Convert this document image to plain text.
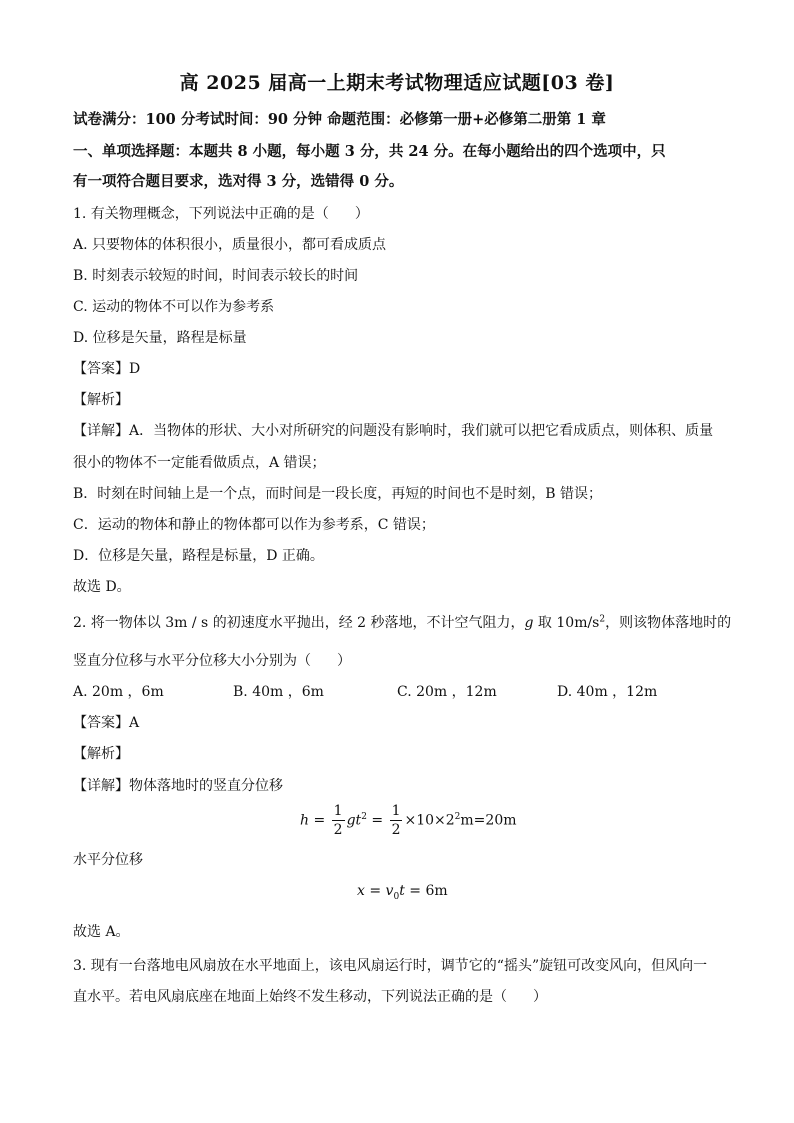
高 2025 届高一上期末考试物理适应试题[03 卷]
试卷满分：100 分考试时间：90 分钟 命题范围：必修第一册+必修第二册第 1 章
一、单项选择题：本题共 8 小题，每小题 3 分，共 24 分。在每小题给出的四个选项中，只
有一项符合题目要求，选对得 3 分，选错得 0 分。
1. 有关物理概念，下列说法中正确的是（ ）
A. 只要物体的体积很小，质量很小，都可看成质点
B. 时刻表示较短的时间，时间表示较长的时间
C. 运动的物体不可以作为参考系
D. 位移是矢量，路程是标量
【答案】D
【解析】
【详解】A．当物体的形状、大小对所研究的问题没有影响时，我们就可以把它看成质点，则体积、质量
很小的物体不一定能看做质点，A 错误；
B．时刻在时间轴上是一个点，而时间是一段长度，再短的时间也不是时刻，B 错误；
C．运动的物体和静止的物体都可以作为参考系，C 错误；
D．位移是矢量，路程是标量，D 正确。
故选 D。
2. 将一物体以 3m / s 的初速度水平抛出，经 2 秒落地，不计空气阻力，g 取 $10m/s^2$，则该物体落地时的
竖直分位移与水平分位移大小分别为（ ）
A. 20m ，6m	B. 40m ，6m	C. 20m ，12m	D. 40m ，12m
【答案】A
【解析】
【详解】物体落地时的竖直分位移
$h = \frac{1}{2} gt^2 = \frac{1}{2} \times 10\times 2^2m=20m$
水平分位移
$x = v_0t = 6m$
故选 A。
3. 现有一台落地电风扇放在水平地面上，该电风扇运行时，调节它的“摇头”旋钮可改变风向，但风向一
直水平。若电风扇底座在地面上始终不发生移动，下列说法正确的是（ ）
